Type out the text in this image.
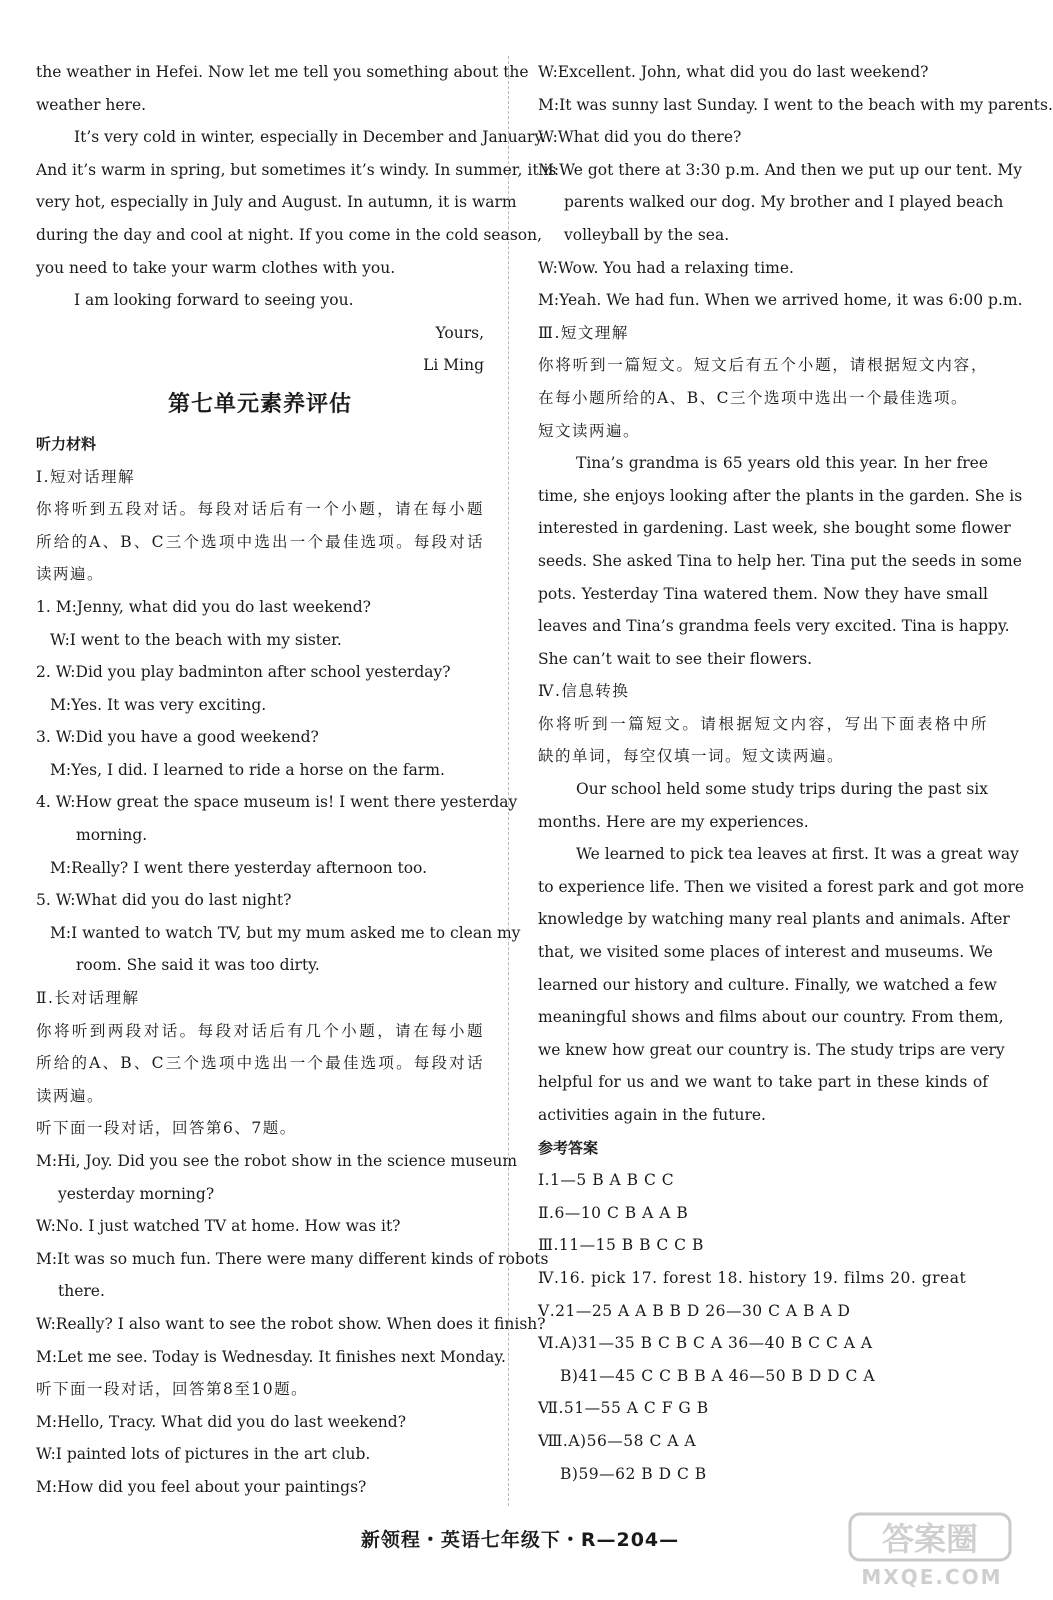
the weather in Hefei. Now let me tell you something about the
weather here.
It’s very cold in winter, especially in December and January.
And it’s warm in spring, but sometimes it’s windy. In summer, it is
very hot, especially in July and August. In autumn, it is warm
during the day and cool at night. If you come in the cold season,
you need to take your warm clothes with you.
I am looking forward to seeing you.
Yours,
Li Ming
第七单元素养评估
听力材料
Ⅰ.短对话理解
你将听到五段对话。每段对话后有一个小题，请在每小题
所给的A、B、C三个选项中选出一个最佳选项。每段对话
读两遍。
1. M:Jenny, what did you do last weekend?
W:I went to the beach with my sister.
2. W:Did you play badminton after school yesterday?
M:Yes. It was very exciting.
3. W:Did you have a good weekend?
M:Yes, I did. I learned to ride a horse on the farm.
4. W:How great the space museum is! I went there yesterday
morning.
M:Really? I went there yesterday afternoon too.
5. W:What did you do last night?
M:I wanted to watch TV, but my mum asked me to clean my
room. She said it was too dirty.
Ⅱ.长对话理解
你将听到两段对话。每段对话后有几个小题，请在每小题
所给的A、B、C三个选项中选出一个最佳选项。每段对话
读两遍。
听下面一段对话，回答第6、7题。
M:Hi, Joy. Did you see the robot show in the science museum
yesterday morning?
W:No. I just watched TV at home. How was it?
M:It was so much fun. There were many different kinds of robots
there.
W:Really? I also want to see the robot show. When does it finish?
M:Let me see. Today is Wednesday. It finishes next Monday.
听下面一段对话，回答第8至10题。
M:Hello, Tracy. What did you do last weekend?
W:I painted lots of pictures in the art club.
M:How did you feel about your paintings?
W:Excellent. John, what did you do last weekend?
M:It was sunny last Sunday. I went to the beach with my parents.
W:What did you do there?
M:We got there at 3:30 p.m. And then we put up our tent. My
parents walked our dog. My brother and I played beach
volleyball by the sea.
W:Wow. You had a relaxing time.
M:Yeah. We had fun. When we arrived home, it was 6:00 p.m.
Ⅲ.短文理解
你将听到一篇短文。短文后有五个小题，请根据短文内容，
在每小题所给的A、B、C三个选项中选出一个最佳选项。
短文读两遍。
Tina’s grandma is 65 years old this year. In her free
time, she enjoys looking after the plants in the garden. She is
interested in gardening. Last week, she bought some flower
seeds. She asked Tina to help her. Tina put the seeds in some
pots. Yesterday Tina watered them. Now they have small
leaves and Tina’s grandma feels very excited. Tina is happy.
She can’t wait to see their flowers.
Ⅳ.信息转换
你将听到一篇短文。请根据短文内容，写出下面表格中所
缺的单词，每空仅填一词。短文读两遍。
Our school held some study trips during the past six
months. Here are my experiences.
We learned to pick tea leaves at first. It was a great way
to experience life. Then we visited a forest park and got more
knowledge by watching many real plants and animals. After
that, we visited some places of interest and museums. We
learned our history and culture. Finally, we watched a few
meaningful shows and films about our country. From them,
we knew how great our country is. The study trips are very
helpful for us and we want to take part in these kinds of
activities again in the future.
参考答案
Ⅰ.1—5 B A B C C
Ⅱ.6—10 C B A A B
Ⅲ.11—15 B B C C B
Ⅳ.16. pick 17. forest 18. history 19. films 20. great
Ⅴ.21—25 A A B B D 26—30 C A B A D
Ⅵ.A)31—35 B C B C A 36—40 B C C A A
B)41—45 C C B B A 46—50 B D D C A
Ⅶ.51—55 A C F G B
Ⅷ.A)56—58 C A A
B)59—62 B D C B
新领程・英语七年级下・R—204—	答案圈
MXQE.COM
